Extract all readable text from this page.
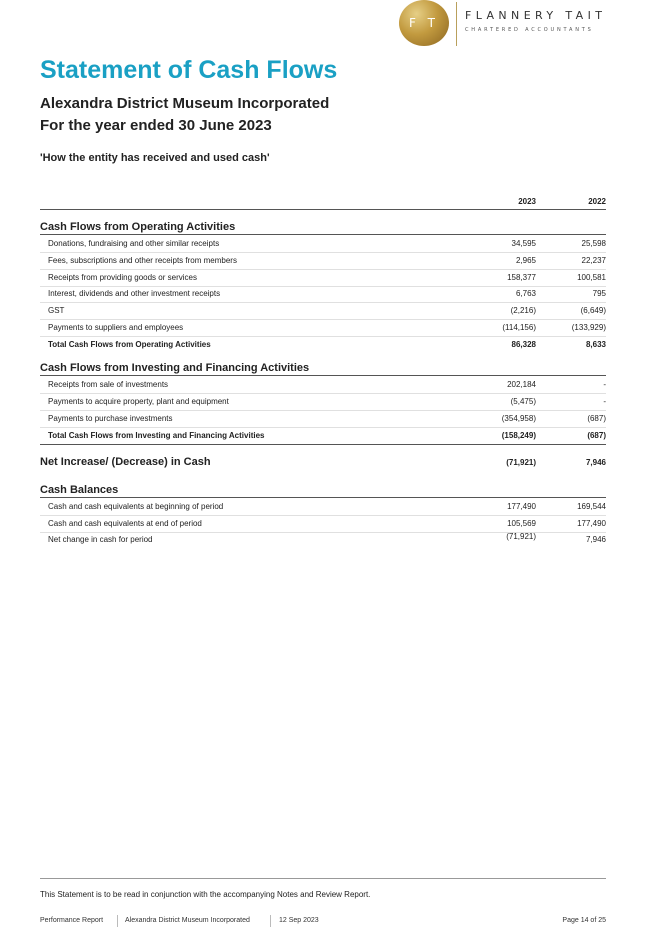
F T
FLANNERY TAIT
CHARTERED ACCOUNTANTS
Statement of Cash Flows
Alexandra District Museum Incorporated
For the year ended 30 June 2023
'How the entity has received and used cash'
2023	2022
Cash Flows from Operating Activities
Donations, fundraising and other similar receipts	34,595	25,598
Fees, subscriptions and other receipts from members	2,965	22,237
Receipts from providing goods or services	158,377	100,581
Interest, dividends and other investment receipts	6,763	795
GST	(2,216)	(6,649)
Payments to suppliers and employees	(114,156)	(133,929)
Total Cash Flows from Operating Activities	86,328	8,633
Cash Flows from Investing and Financing Activities
Receipts from sale of investments	202,184	-
Payments to acquire property, plant and equipment	(5,475)	-
Payments to purchase investments	(354,958)	(687)
Total Cash Flows from Investing and Financing Activities	(158,249)	(687)
Net Increase/ (Decrease) in Cash	(71,921)	7,946
Cash Balances
Cash and cash equivalents at beginning of period	177,490	169,544
Cash and cash equivalents at end of period	105,569	177,490
Net change in cash for period	(71,921)	7,946
This Statement is to be read in conjunction with the accompanying Notes and Review Report.
Performance Report	Alexandra District Museum Incorporated	12 Sep 2023	Page 14 of 25
